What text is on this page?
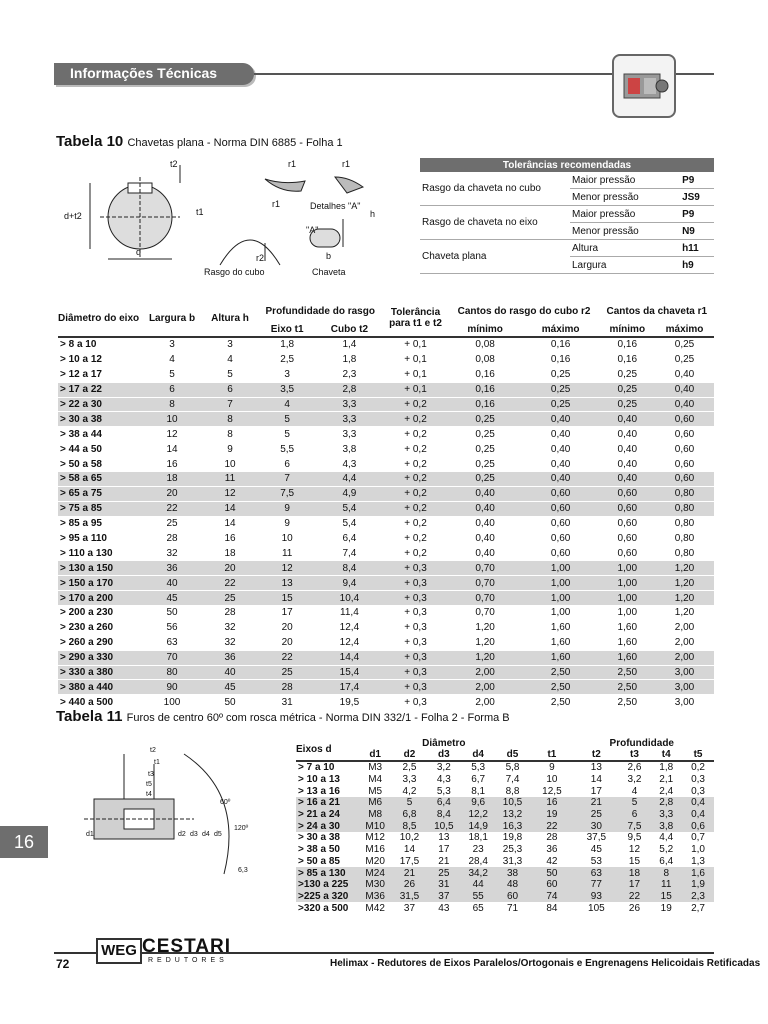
Informações Técnicas
Tabela 10 Chavetas plana - Norma DIN 6885 - Folha 1
t2
t1
d+t2
d	b
r1	r1
r1	Detalhes "A"
h
"A"
r2
Rasgo do cubo	Chaveta
Tolerâncias recomendadas		
Rasgo da chaveta no cubo	Maior pressão	P9
	Menor pressão	JS9
Rasgo de chaveta no eixo	Maior pressão	P9
	Menor pressão	N9
Chaveta plana	Altura	h11
	Largura	h9
Diâmetro do eixo	Largura b	Altura h	Profundidade do rasgo		Tolerância para t1 e t2	Cantos do rasgo do cubo r2		Cantos da chaveta r1	
			Eixo t1	Cubo t2		mínimo	máximo	mínimo	máximo
> 8 a 10	3	3	1,8	1,4	+ 0,1	0,08	0,16	0,16	0,25
> 10 a 12	4	4	2,5	1,8	+ 0,1	0,08	0,16	0,16	0,25
> 12 a 17	5	5	3	2,3	+ 0,1	0,16	0,25	0,25	0,40
> 17 a 22	6	6	3,5	2,8	+ 0,1	0,16	0,25	0,25	0,40
> 22 a 30	8	7	4	3,3	+ 0,2	0,16	0,25	0,25	0,40
> 30 a 38	10	8	5	3,3	+ 0,2	0,25	0,40	0,40	0,60
> 38 a 44	12	8	5	3,3	+ 0,2	0,25	0,40	0,40	0,60
> 44 a 50	14	9	5,5	3,8	+ 0,2	0,25	0,40	0,40	0,60
> 50 a 58	16	10	6	4,3	+ 0,2	0,25	0,40	0,40	0,60
> 58 a 65	18	11	7	4,4	+ 0,2	0,25	0,40	0,40	0,60
> 65 a 75	20	12	7,5	4,9	+ 0,2	0,40	0,60	0,60	0,80
> 75 a 85	22	14	9	5,4	+ 0,2	0,40	0,60	0,60	0,80
> 85 a 95	25	14	9	5,4	+ 0,2	0,40	0,60	0,60	0,80
> 95 a 110	28	16	10	6,4	+ 0,2	0,40	0,60	0,60	0,80
> 110 a 130	32	18	11	7,4	+ 0,2	0,40	0,60	0,60	0,80
> 130 a 150	36	20	12	8,4	+ 0,3	0,70	1,00	1,00	1,20
> 150 a 170	40	22	13	9,4	+ 0,3	0,70	1,00	1,00	1,20
> 170 a 200	45	25	15	10,4	+ 0,3	0,70	1,00	1,00	1,20
> 200 a 230	50	28	17	11,4	+ 0,3	0,70	1,00	1,00	1,20
> 230 a 260	56	32	20	12,4	+ 0,3	1,20	1,60	1,60	2,00
> 260 a 290	63	32	20	12,4	+ 0,3	1,20	1,60	1,60	2,00
> 290 a 330	70	36	22	14,4	+ 0,3	1,20	1,60	1,60	2,00
> 330 a 380	80	40	25	15,4	+ 0,3	2,00	2,50	2,50	3,00
> 380 a 440	90	45	28	17,4	+ 0,3	2,00	2,50	2,50	3,00
> 440 a 500	100	50	31	19,5	+ 0,3	2,00	2,50	2,50	3,00
Tabela 11 Furos de centro 60º com rosca métrica - Norma DIN 332/1 - Folha 2 - Forma B
t2
t1
t3
t5
t4
d1	d2 d3 d4 d5
60º
120º
6,3
Eixos d	Diâmetro					Profundidade				
	d1	d2	d3	d4	d5	t1	t2	t3	t4	t5
> 7 a 10	M3	2,5	3,2	5,3	5,8	9	13	2,6	1,8	0,2
> 10 a 13	M4	3,3	4,3	6,7	7,4	10	14	3,2	2,1	0,3
> 13 a 16	M5	4,2	5,3	8,1	8,8	12,5	17	4	2,4	0,3
> 16 a 21	M6	5	6,4	9,6	10,5	16	21	5	2,8	0,4
> 21 a 24	M8	6,8	8,4	12,2	13,2	19	25	6	3,3	0,4
> 24 a 30	M10	8,5	10,5	14,9	16,3	22	30	7,5	3,8	0,6
> 30 a 38	M12	10,2	13	18,1	19,8	28	37,5	9,5	4,4	0,7
> 38 a 50	M16	14	17	23	25,3	36	45	12	5,2	1,0
> 50 a 85	M20	17,5	21	28,4	31,3	42	53	15	6,4	1,3
> 85 a 130	M24	21	25	34,2	38	50	63	18	8	1,6
>130 a 225	M30	26	31	44	48	60	77	17	11	1,9
>225 a 320	M36	31,5	37	55	60	74	93	22	15	2,3
>320 a 500	M42	37	43	65	71	84	105	26	19	2,7
16
72
WEG CESTARI
REDUTORES	Helimax - Redutores de Eixos Paralelos/Ortogonais e Engrenagens Helicoidais Retificadas
